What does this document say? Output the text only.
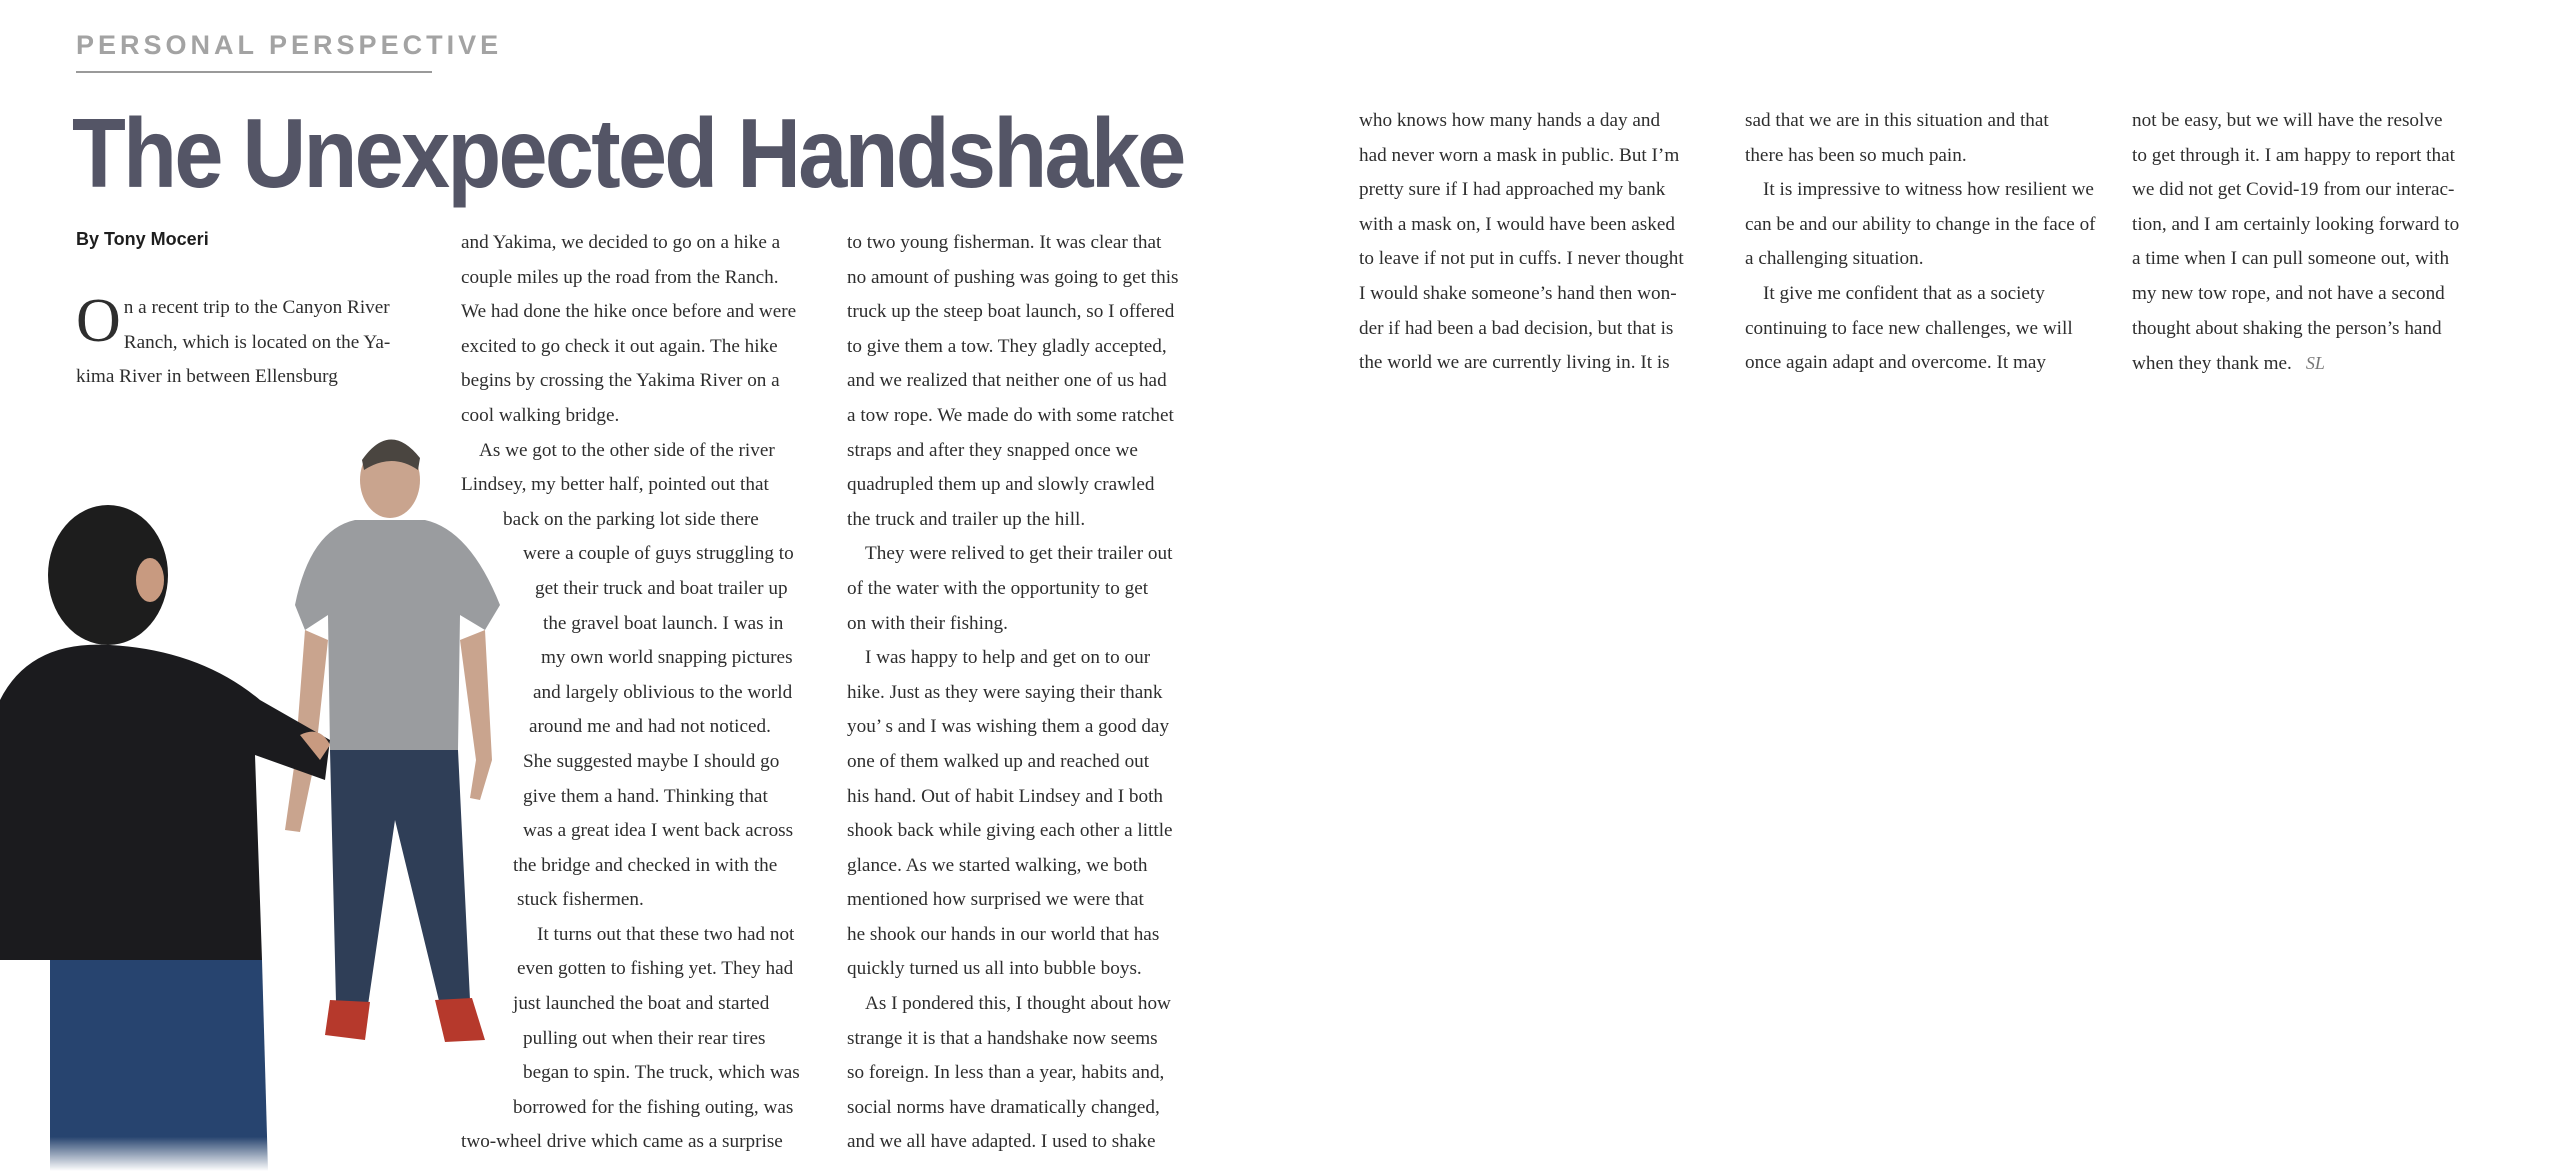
PERSONAL PERSPECTIVE
The Unexpected Handshake

By Tony Moceri

O n a recent trip to the Canyon River
Ranch, which is located on the Ya-
kima River in between Ellensburg
and Yakima, we decided to go on a hike a
couple miles up the road from the Ranch.
We had done the hike once before and were
excited to go check it out again. The hike
begins by crossing the Yakima River on a
cool walking bridge.
As we got to the other side of the river
Lindsey, my better half, pointed out that
back on the parking lot side there
were a couple of guys struggling to
get their truck and boat trailer up
the gravel boat launch. I was in
my own world snapping pictures
and largely oblivious to the world
around me and had not noticed.
She suggested maybe I should go
give them a hand. Thinking that
was a great idea I went back across
the bridge and checked in with the
stuck fishermen.
It turns out that these two had not
even gotten to fishing yet. They had
just launched the boat and started
pulling out when their rear tires
began to spin. The truck, which was
borrowed for the fishing outing, was
two-wheel drive which came as a surprise
to two young fisherman. It was clear that
no amount of pushing was going to get this
truck up the steep boat launch, so I offered
to give them a tow. They gladly accepted,
and we realized that neither one of us had
a tow rope. We made do with some ratchet
straps and after they snapped once we
quadrupled them up and slowly crawled
the truck and trailer up the hill.
They were relived to get their trailer out
of the water with the opportunity to get
on with their fishing.
I was happy to help and get on to our
hike. Just as they were saying their thank
you’ s and I was wishing them a good day
one of them walked up and reached out
his hand. Out of habit Lindsey and I both
shook back while giving each other a little
glance. As we started walking, we both
mentioned how surprised we were that
he shook our hands in our world that has
quickly turned us all into bubble boys.
As I pondered this, I thought about how
strange it is that a handshake now seems
so foreign. In less than a year, habits and,
social norms have dramatically changed,
and we all have adapted. I used to shake
who knows how many hands a day and
had never worn a mask in public. But I’m
pretty sure if I had approached my bank
with a mask on, I would have been asked
to leave if not put in cuffs. I never thought
I would shake someone’s hand then won-
der if had been a bad decision, but that is
the world we are currently living in. It is
sad that we are in this situation and that
there has been so much pain.
It is impressive to witness how resilient we
can be and our ability to change in the face of
a challenging situation.
It give me confident that as a society
continuing to face new challenges, we will
once again adapt and overcome. It may
not be easy, but we will have the resolve
to get through it. I am happy to report that
we did not get Covid-19 from our interac-
tion, and I am certainly looking forward to
a time when I can pull someone out, with
my new tow rope, and not have a second
thought about shaking the person’s hand
when they thank me. SL
